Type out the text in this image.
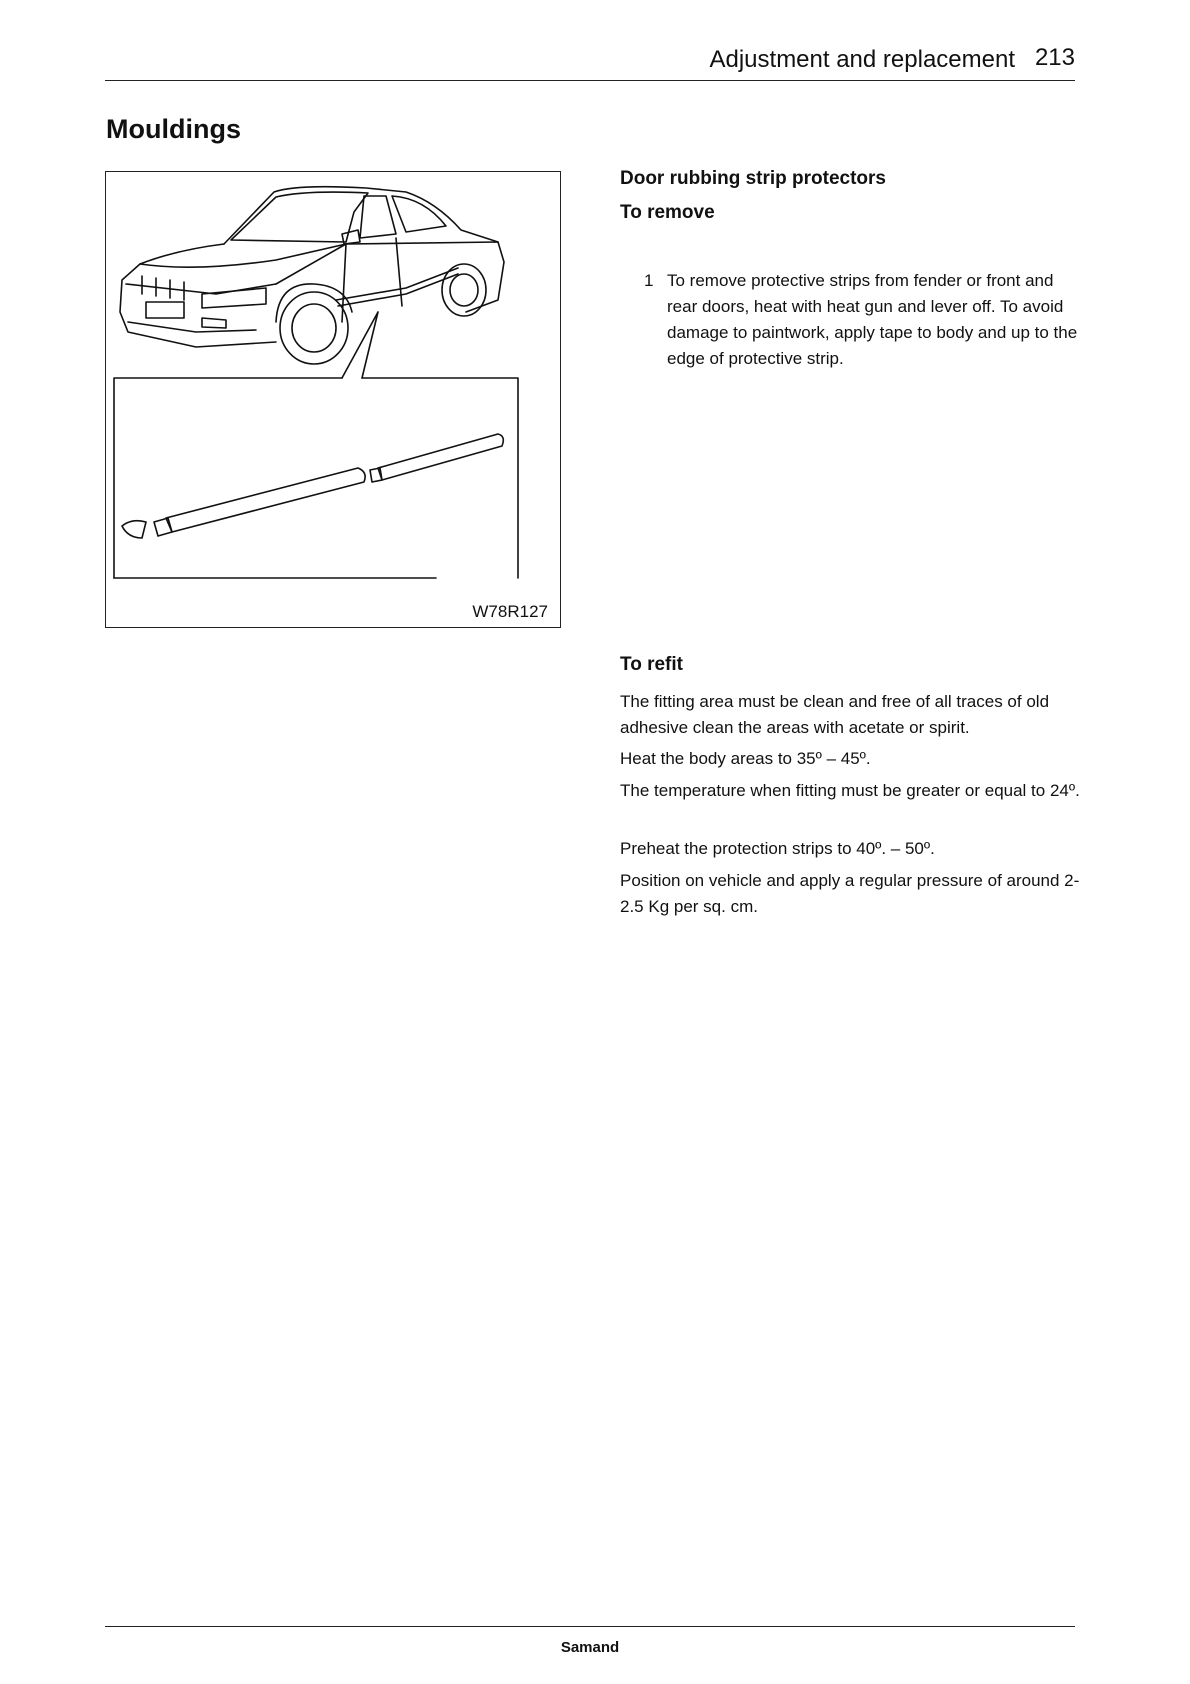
Adjustment and replacement 213
Mouldings
W78R127
Door rubbing strip protectors
To remove
1 To remove protective strips from fender or front and rear doors, heat with heat gun and lever off. To avoid damage to paintwork, apply tape to body and up to the edge of protective strip.
To refit
The fitting area must be clean and free of all traces of old adhesive clean the areas with acetate or spirit.
Heat the body areas to 35º – 45º.
The temperature when fitting must be greater or equal to 24º.
Preheat the protection strips to 40º. – 50º.
Position on vehicle and apply a regular pressure of around 2-2.5 Kg per sq. cm.
Samand
